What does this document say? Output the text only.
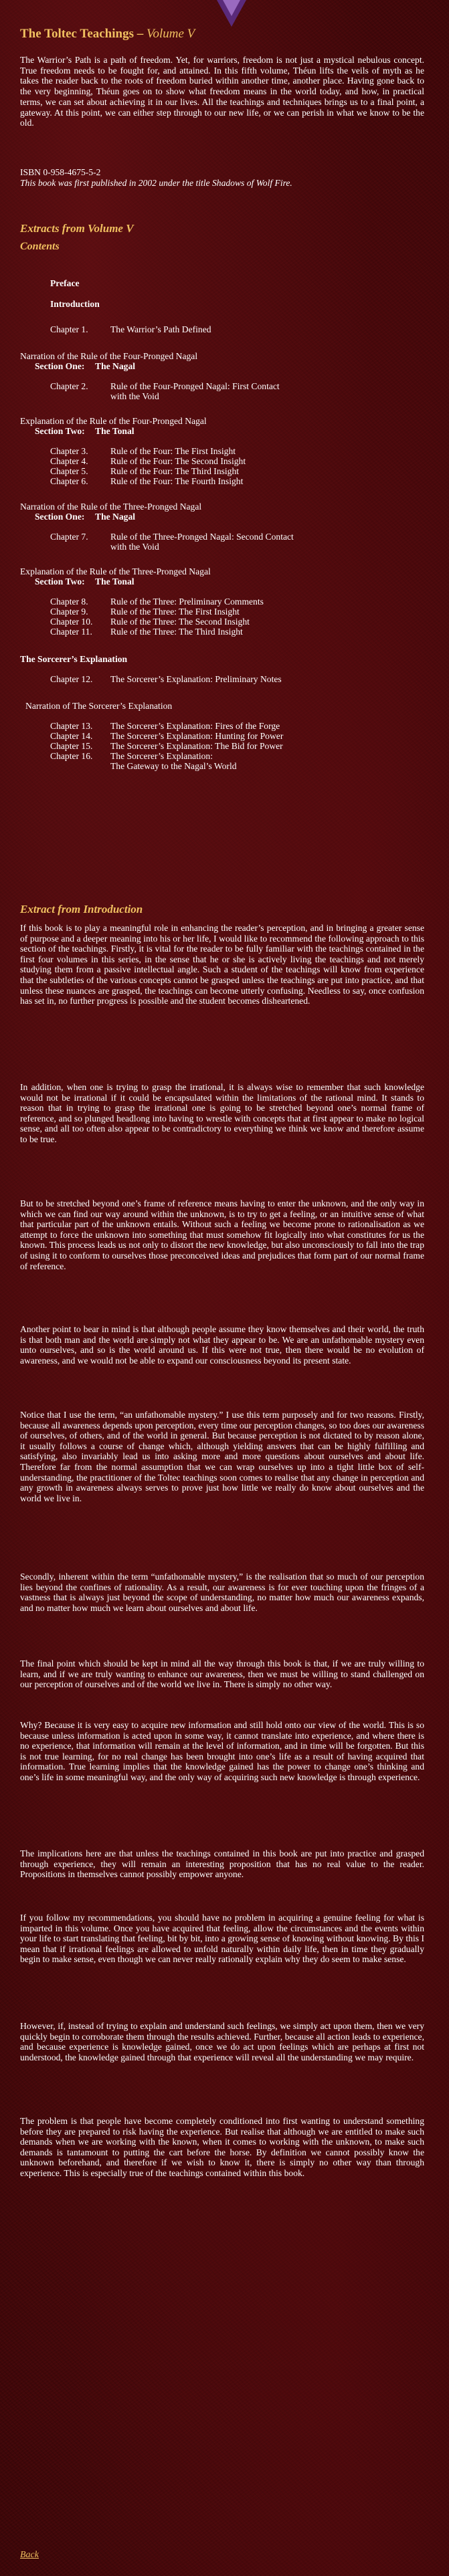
The Toltec Teachings – Volume V
The Warrior’s Path is a path of freedom. Yet, for warriors, freedom is not just a mystical nebulous concept. True freedom needs to be fought for, and attained. In this fifth volume, Théun lifts the veils of myth as he takes the reader back to the roots of freedom buried within another time, another place. Having gone back to the very beginning, Théun goes on to show what freedom means in the world today, and how, in practical terms, we can set about achieving it in our lives. All the teachings and techniques brings us to a final point, a gateway. At this point, we can either step through to our new life, or we can perish in what we know to be the old.
ISBN 0-958-4675-5-2
This book was first published in 2002 under the title Shadows of Wolf Fire.
Extracts from Volume V
Contents
Preface
Introduction
Chapter 1. The Warrior’s Path Defined
Narration of the Rule of the Four-Pronged Nagal
Section One: The Nagal
Chapter 2. Rule of the Four-Pronged Nagal: First Contact

with the Void
Explanation of the Rule of the Four-Pronged Nagal
Section Two: The Tonal
Chapter 3. Rule of the Four: The First Insight
Chapter 4. Rule of the Four: The Second Insight
Chapter 5. Rule of the Four: The Third Insight
Chapter 6. Rule of the Four: The Fourth Insight
Narration of the Rule of the Three-Pronged Nagal
Section One: The Nagal
Chapter 7. Rule of the Three-Pronged Nagal: Second Contact

with the Void
Explanation of the Rule of the Three-Pronged Nagal
Section Two: The Tonal
Chapter 8. Rule of the Three: Preliminary Comments
Chapter 9. Rule of the Three: The First Insight
Chapter 10. Rule of the Three: The Second Insight
Chapter 11. Rule of the Three: The Third Insight
The Sorcerer’s Explanation
Chapter 12. The Sorcerer’s Explanation: Preliminary Notes
Narration of The Sorcerer’s Explanation
Chapter 13. The Sorcerer’s Explanation: Fires of the Forge
Chapter 14. The Sorcerer’s Explanation: Hunting for Power
Chapter 15. The Sorcerer’s Explanation: The Bid for Power
Chapter 16. The Sorcerer’s Explanation:

The Gateway to the Nagal’s World
Extract from Introduction

If this book is to play a meaningful role in enhancing the reader’s perception, and in bringing a greater sense of purpose and a deeper meaning into his or her life, I would like to recommend the following approach to this section of the teachings. Firstly, it is vital for the reader to be fully familiar with the teachings contained in the first four volumes in this series, in the sense that he or she is actively living the teachings and not merely studying them from a passive intellectual angle. Such a student of the teachings will know from experience that the subtleties of the various concepts cannot be grasped unless the teachings are put into practice, and that unless these nuances are grasped, the teachings can become utterly confusing. Needless to say, once confusion has set in, no further progress is possible and the student becomes disheartened.

In addition, when one is trying to grasp the irrational, it is always wise to remember that such knowledge would not be irrational if it could be encapsulated within the limitations of the rational mind. It stands to reason that in trying to grasp the irrational one is going to be stretched beyond one’s normal frame of reference, and so plunged headlong into having to wrestle with concepts that at first appear to make no logical sense, and all too often also appear to be contradictory to everything we think we know and therefore assume to be true.

But to be stretched beyond one’s frame of reference means having to enter the unknown, and the only way in which we can find our way around within the unknown, is to try to get a feeling, or an intuitive sense of what that particular part of the unknown entails. Without such a feeling we become prone to rationalisation as we attempt to force the unknown into something that must somehow fit logically into what constitutes for us the known. This process leads us not only to distort the new knowledge, but also unconsciously to fall into the trap of using it to conform to ourselves those preconceived ideas and prejudices that form part of our normal frame of reference.

Another point to bear in mind is that although people assume they know themselves and their world, the truth is that both man and the world are simply not what they appear to be. We are an unfathomable mystery even unto ourselves, and so is the world around us. If this were not true, then there would be no evolution of awareness, and we would not be able to expand our consciousness beyond its present state.

Notice that I use the term, “an unfathomable mystery.” I use this term purposely and for two reasons. Firstly, because all awareness depends upon perception, every time our perception changes, so too does our awareness of ourselves, of others, and of the world in general. But because perception is not dictated to by reason alone, it usually follows a course of change which, although yielding answers that can be highly fulfilling and satisfying, also invariably lead us into asking more and more questions about ourselves and about life. Therefore far from the normal assumption that we can wrap ourselves up into a tight little box of self-understanding, the practitioner of the Toltec teachings soon comes to realise that any change in perception and any growth in awareness always serves to prove just how little we really do know about ourselves and the world we live in.

Secondly, inherent within the term “unfathomable mystery,” is the realisation that so much of our perception lies beyond the confines of rationality. As a result, our awareness is for ever touching upon the fringes of a vastness that is always just beyond the scope of understanding, no matter how much our awareness expands, and no matter how much we learn about ourselves and about life.

The final point which should be kept in mind all the way through this book is that, if we are truly willing to learn, and if we are truly wanting to enhance our awareness, then we must be willing to stand challenged on our perception of ourselves and of the world we live in. There is simply no other way.

Why? Because it is very easy to acquire new information and still hold onto our view of the world. This is so because unless information is acted upon in some way, it cannot translate into experience, and where there is no experience, that information will remain at the level of information, and in time will be forgotten. But this is not true learning, for no real change has been brought into one’s life as a result of having acquired that information. True learning implies that the knowledge gained has the power to change one’s thinking and one’s life in some meaningful way, and the only way of acquiring such new knowledge is through experience.

The implications here are that unless the teachings contained in this book are put into practice and grasped through experience, they will remain an interesting proposition that has no real value to the reader. Propositions in themselves cannot possibly empower anyone.

If you follow my recommendations, you should have no problem in acquiring a genuine feeling for what is imparted in this volume. Once you have acquired that feeling, allow the circumstances and the events within your life to start translating that feeling, bit by bit, into a growing sense of knowing without knowing. By this I mean that if irrational feelings are allowed to unfold naturally within daily life, then in time they gradually begin to make sense, even though we can never really rationally explain why they do seem to make sense.

However, if, instead of trying to explain and understand such feelings, we simply act upon them, then we very quickly begin to corroborate them through the results achieved. Further, because all action leads to experience, and because experience is knowledge gained, once we do act upon feelings which are perhaps at first not understood, the knowledge gained through that experience will reveal all the understanding we may require.

The problem is that people have become completely conditioned into first wanting to understand something before they are prepared to risk having the experience. But realise that although we are entitled to make such demands when we are working with the known, when it comes to working with the unknown, to make such demands is tantamount to putting the cart before the horse. By definition we cannot possibly know the unknown beforehand, and therefore if we wish to know it, there is simply no other way than through experience. This is especially true of the teachings contained within this book.

Back
